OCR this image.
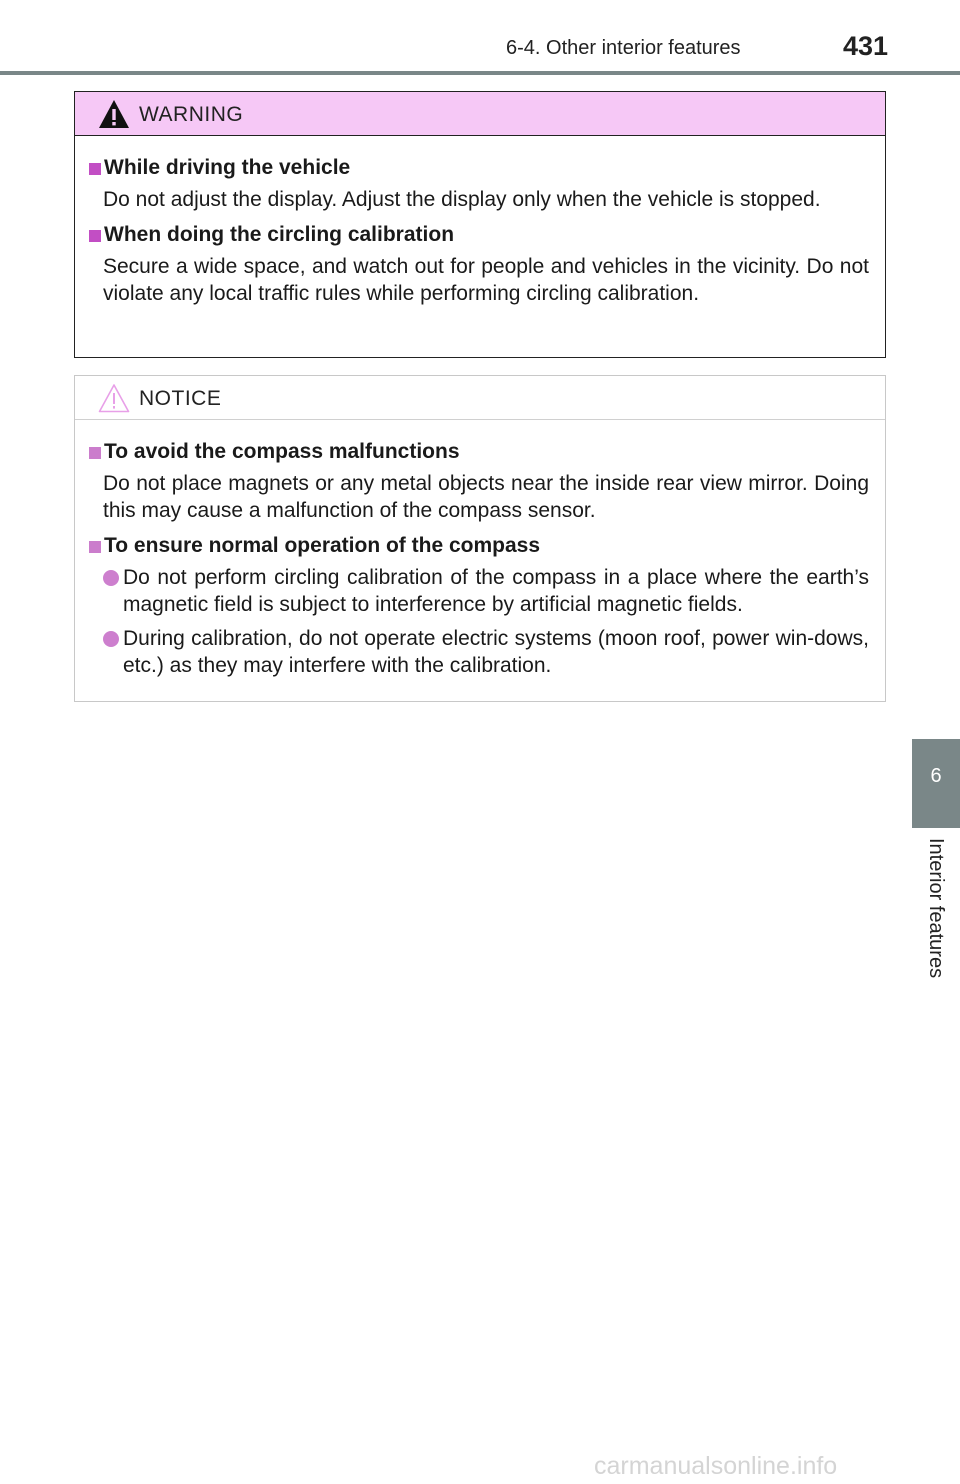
6-4. Other interior features	431
WARNING
While driving the vehicle
Do not adjust the display. Adjust the display only when the vehicle is stopped.
When doing the circling calibration
Secure a wide space, and watch out for people and vehicles in the vicinity. Do not violate any local traffic rules while performing circling calibration.
NOTICE
To avoid the compass malfunctions
Do not place magnets or any metal objects near the inside rear view mirror. Doing this may cause a malfunction of the compass sensor.
To ensure normal operation of the compass
Do not perform circling calibration of the compass in a place where the earth’s magnetic field is subject to interference by artificial magnetic fields.
During calibration, do not operate electric systems (moon roof, power win-dows, etc.) as they may interfere with the calibration.
6
Interior features
carmanualsonline.info
